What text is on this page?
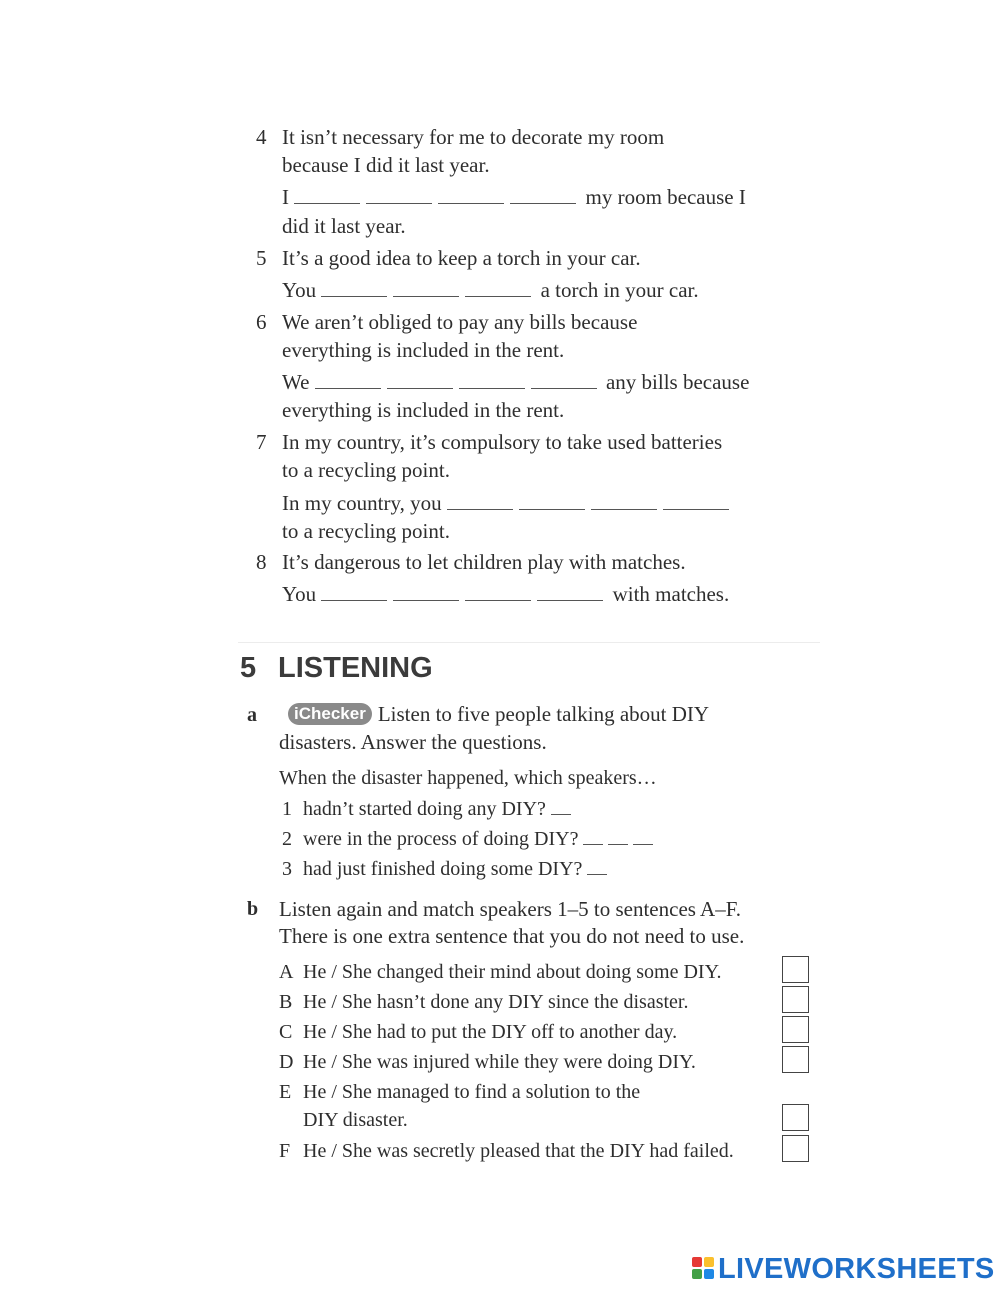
4 It isn’t necessary for me to decorate my room
because I did it last year.
I	my room because I
did it last year.
5 It’s a good idea to keep a torch in your car.
You	a torch in your car.
6 We aren’t obliged to pay any bills because
everything is included in the rent.
We	any bills because
everything is included in the rent.
7 In my country, it’s compulsory to take used batteries
to a recycling point.
In my country, you
to a recycling point.
8 It’s dangerous to let children play with matches.
You	with matches.
5 LISTENING
a	iChecker Listen to five people talking about DIY
disasters. Answer the questions.
When the disaster happened, which speakers…
1 hadn’t started doing any DIY?
2 were in the process of doing DIY?
3 had just finished doing some DIY?
b Listen again and match speakers 1–5 to sentences A–F.
There is one extra sentence that you do not need to use.
A He / She changed their mind about doing some DIY.
B He / She hasn’t done any DIY since the disaster.
C He / She had to put the DIY off to another day.
D He / She was injured while they were doing DIY.
E He / She managed to find a solution to the
DIY disaster.
F He / She was secretly pleased that the DIY had failed.
LIVEWORKSHEETS
